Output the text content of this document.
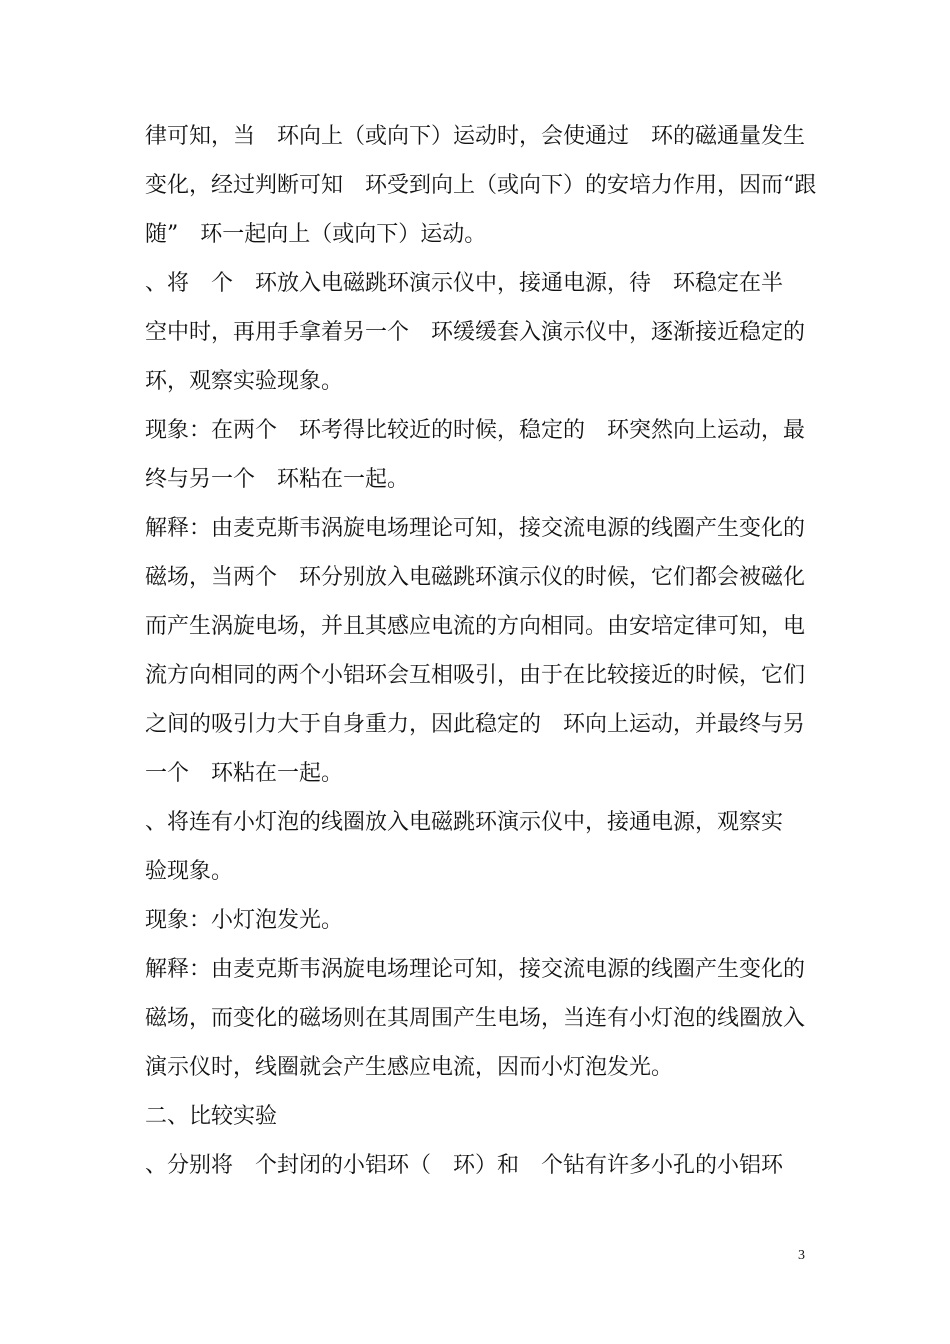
律可知，当　环向上（或向下）运动时，会使通过　环的磁通量发生
变化，经过判断可知　环受到向上（或向下）的安培力作用，因而“跟
随”　环一起向上（或向下）运动。
、将　个　环放入电磁跳环演示仪中，接通电源，待　环稳定在半
空中时，再用手拿着另一个　环缓缓套入演示仪中，逐渐接近稳定的
环，观察实验现象。
现象：在两个　环考得比较近的时候，稳定的　环突然向上运动，最
终与另一个　环粘在一起。
解释：由麦克斯韦涡旋电场理论可知，接交流电源的线圈产生变化的
磁场，当两个　环分别放入电磁跳环演示仪的时候，它们都会被磁化
而产生涡旋电场，并且其感应电流的方向相同。由安培定律可知，电
流方向相同的两个小铝环会互相吸引，由于在比较接近的时候，它们
之间的吸引力大于自身重力，因此稳定的　环向上运动，并最终与另
一个　环粘在一起。
、将连有小灯泡的线圈放入电磁跳环演示仪中，接通电源，观察实
验现象。
现象：小灯泡发光。
解释：由麦克斯韦涡旋电场理论可知，接交流电源的线圈产生变化的
磁场，而变化的磁场则在其周围产生电场，当连有小灯泡的线圈放入
演示仪时，线圈就会产生感应电流，因而小灯泡发光。
二、比较实验
、分别将　个封闭的小铝环（　环）和　个钻有许多小孔的小铝环
3
